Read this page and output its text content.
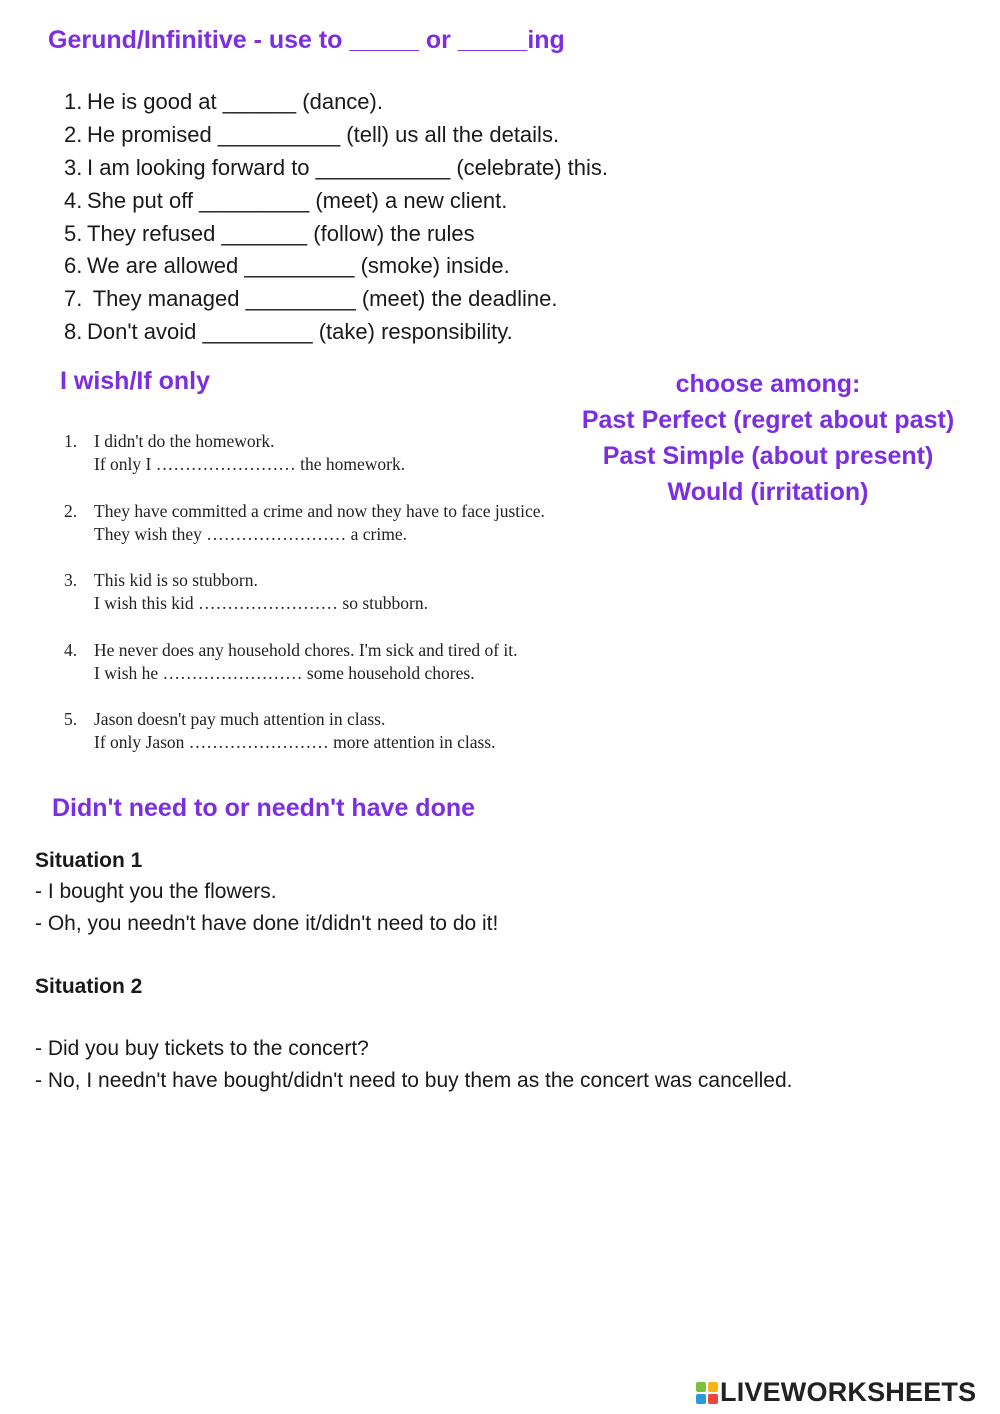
Gerund/Infinitive - use to _____ or _____ing
1. He is good at ______ (dance).
2. He promised __________ (tell) us all the details.
3. I am looking forward to ___________ (celebrate) this.
4. She put off _________ (meet) a new client.
5. They refused _______ (follow) the rules
6. We are allowed _________ (smoke) inside.
7. They managed _________ (meet) the deadline.
8. Don't avoid _________ (take) responsibility.
I wish/If only	choose among:
Past Perfect (regret about past)
Past Simple (about present)
Would (irritation)
1. I didn't do the homework.
If only I …………………… the homework.
2. They have committed a crime and now they have to face justice.
They wish they …………………… a crime.
3. This kid is so stubborn.
I wish this kid …………………… so stubborn.
4. He never does any household chores. I'm sick and tired of it.
I wish he …………………… some household chores.
5. Jason doesn't pay much attention in class.
If only Jason …………………… more attention in class.
Didn't need to or needn't have done
Situation 1
- I bought you the flowers.
- Oh, you needn't have done it/didn't need to do it!
Situation 2
- Did you buy tickets to the concert?
- No, I needn't have bought/didn't need to buy them as the concert was cancelled.
LIVEWORKSHEETS
